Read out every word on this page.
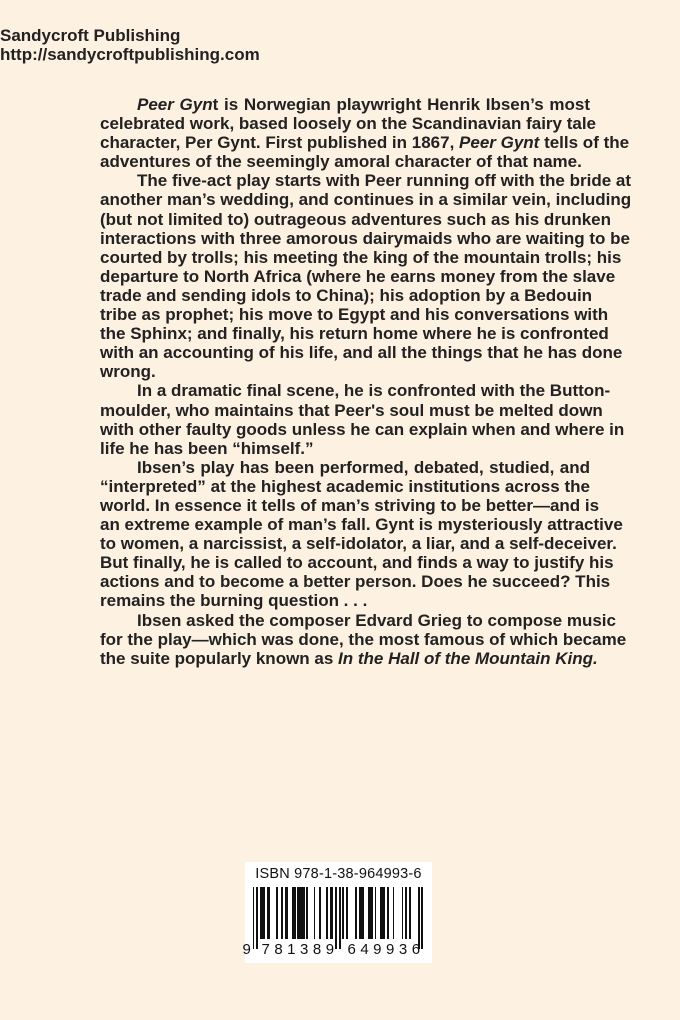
Peer Gynt is Norwegian playwright Henrik Ibsen’s most
celebrated work, based loosely on the Scandinavian fairy tale
character, Per Gynt. First published in 1867, Peer Gynt tells of the
adventures of the seemingly amoral character of that name.
The five-act play starts with Peer running off with the bride at
another man’s wedding, and continues in a similar vein, including
(but not limited to) outrageous adventures such as his drunken
interactions with three amorous dairymaids who are waiting to be
courted by trolls; his meeting the king of the mountain trolls; his
departure to North Africa (where he earns money from the slave
trade and sending idols to China); his adoption by a Bedouin
tribe as prophet; his move to Egypt and his conversations with
the Sphinx; and finally, his return home where he is confronted
with an accounting of his life, and all the things that he has done
wrong.
In a dramatic final scene, he is confronted with the Button-
moulder, who maintains that Peer's soul must be melted down
with other faulty goods unless he can explain when and where in
life he has been “himself.”
Ibsen’s play has been performed, debated, studied, and
“interpreted” at the highest academic institutions across the
world. In essence it tells of man’s striving to be better—and is
an extreme example of man’s fall. Gynt is mysteriously attractive
to women, a narcissist, a self-idolator, a liar, and a self-deceiver.
But finally, he is called to account, and finds a way to justify his
actions and to become a better person. Does he succeed? This
remains the burning question . . .
Ibsen asked the composer Edvard Grieg to compose music
for the play—which was done, the most famous of which became
the suite popularly known as In the Hall of the Mountain King.
Sandycroft Publishing
http://sandycroftpublishing.com
ISBN 978-1-38-964993-6
9 781389 649936
